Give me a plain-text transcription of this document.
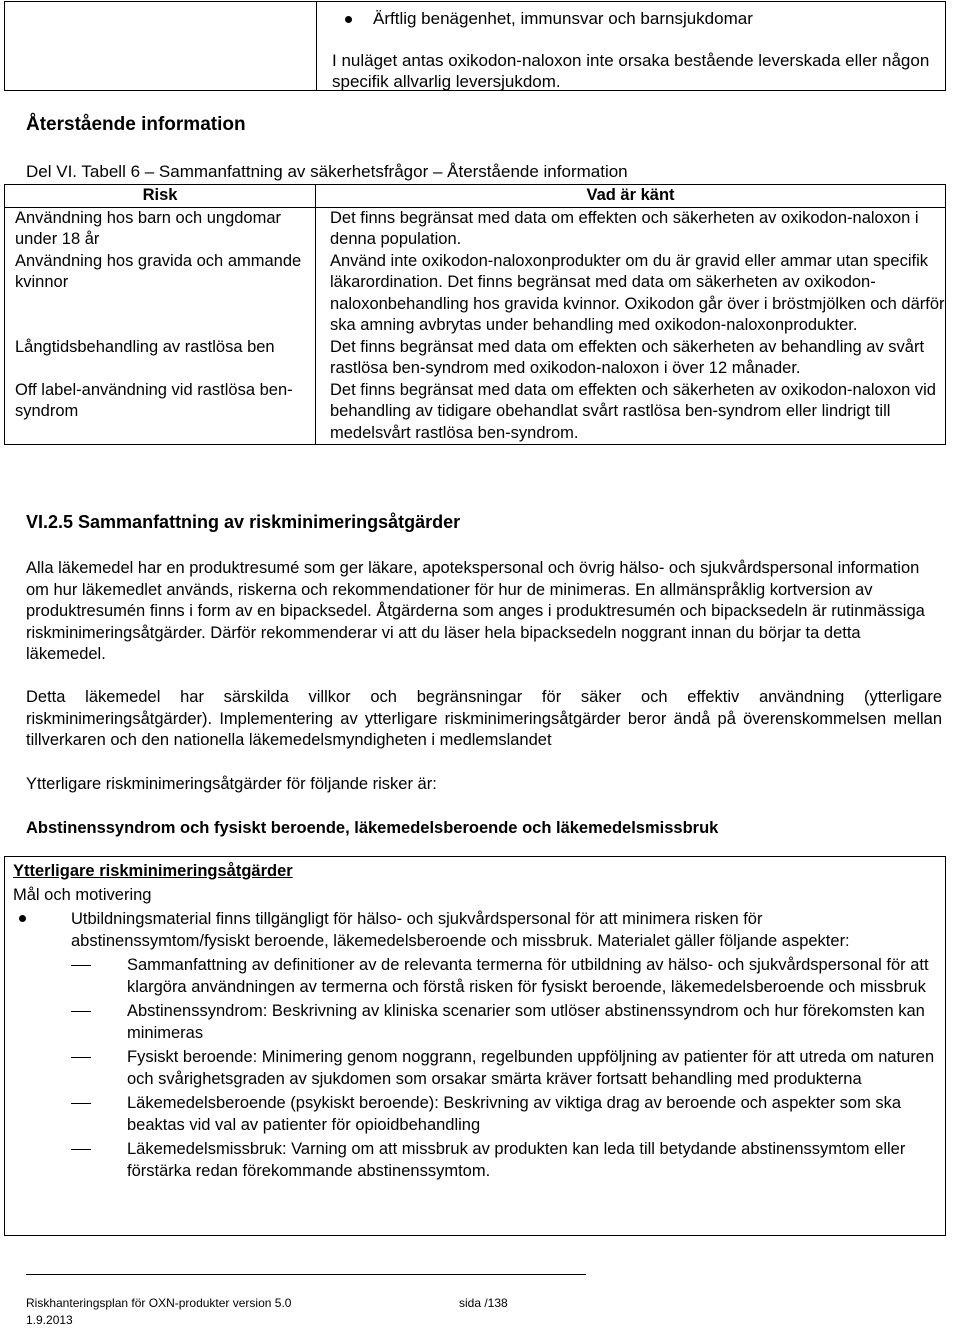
Ärftlig benägenhet, immunsvar och barnsjukdomar
I nuläget antas oxikodon-naloxon inte orsaka bestående leverskada eller någon specifik allvarlig leversjukdom.
Återstående information
Del VI. Tabell 6 – Sammanfattning av säkerhetsfrågor – Återstående information
Risk	Vad är känt
Användning hos barn och ungdomar under 18 år	Det finns begränsat med data om effekten och säkerheten av oxikodon-naloxon i denna population.
Användning hos gravida och ammande kvinnor	Använd inte oxikodon-naloxonprodukter om du är gravid eller ammar utan specifik läkarordination. Det finns begränsat med data om säkerheten av oxikodon-naloxonbehandling hos gravida kvinnor. Oxikodon går över i bröstmjölken och därför ska amning avbrytas under behandling med oxikodon-naloxonprodukter.
Långtidsbehandling av rastlösa ben	Det finns begränsat med data om effekten och säkerheten av behandling av svårt rastlösa ben-syndrom med oxikodon-naloxon i över 12 månader.
Off label-användning vid rastlösa ben-syndrom	Det finns begränsat med data om effekten och säkerheten av oxikodon-naloxon vid behandling av tidigare obehandlat svårt rastlösa ben-syndrom eller lindrigt till medelsvårt rastlösa ben-syndrom.
VI.2.5 Sammanfattning av riskminimeringsåtgärder
Alla läkemedel har en produktresumé som ger läkare, apotekspersonal och övrig hälso- och sjukvårdspersonal information om hur läkemedlet används, riskerna och rekommendationer för hur de minimeras. En allmänspråklig kortversion av produktresumén finns i form av en bipacksedel. Åtgärderna som anges i produktresumén och bipacksedeln är rutinmässiga riskminimeringsåtgärder. Därför rekommenderar vi att du läser hela bipacksedeln noggrant innan du börjar ta detta läkemedel.
Detta läkemedel har särskilda villkor och begränsningar för säker och effektiv användning (ytterligare riskminimeringsåtgärder). Implementering av ytterligare riskminimeringsåtgärder beror ändå på överenskommelsen mellan tillverkaren och den nationella läkemedelsmyndigheten i medlemslandet
Ytterligare riskminimeringsåtgärder för följande risker är:
Abstinenssyndrom och fysiskt beroende, läkemedelsberoende och läkemedelsmissbruk
Ytterligare riskminimeringsåtgärder
Mål och motivering
Utbildningsmaterial finns tillgängligt för hälso- och sjukvårdspersonal för att minimera risken för abstinenssymtom/fysiskt beroende, läkemedelsberoende och missbruk. Materialet gäller följande aspekter:
Sammanfattning av definitioner av de relevanta termerna för utbildning av hälso- och sjukvårdspersonal för att klargöra användningen av termerna och förstå risken för fysiskt beroende, läkemedelsberoende och missbruk
Abstinenssyndrom: Beskrivning av kliniska scenarier som utlöser abstinenssyndrom och hur förekomsten kan minimeras
Fysiskt beroende: Minimering genom noggrann, regelbunden uppföljning av patienter för att utreda om naturen och svårighetsgraden av sjukdomen som orsakar smärta kräver fortsatt behandling med produkterna
Läkemedelsberoende (psykiskt beroende): Beskrivning av viktiga drag av beroende och aspekter som ska beaktas vid val av patienter för opioidbehandling
Läkemedelsmissbruk: Varning om att missbruk av produkten kan leda till betydande abstinenssymtom eller förstärka redan förekommande abstinenssymtom.
Riskhanteringsplan för OXN-produkter version 5.0	sida /138
1.9.2013
